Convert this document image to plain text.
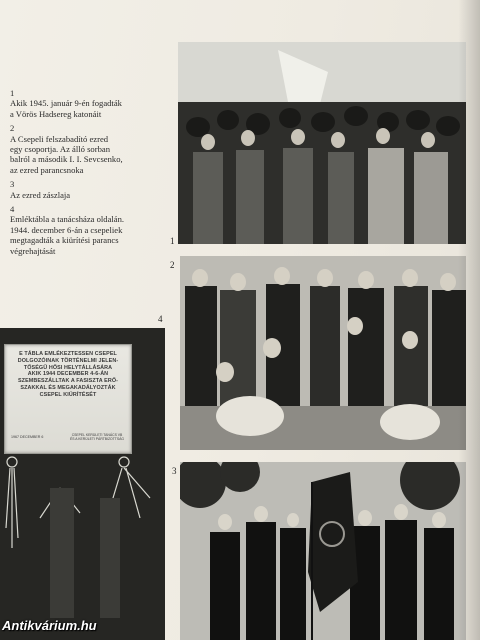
1
Akik 1945. január 9-én fogadták
a Vörös Hadsereg katonáit
2
A Csepeli felszabadító ezred
egy csoportja. Az álló sorban
balról a második I. I. Sevcsenko,
az ezred parancsnoka
3
Az ezred zászlaja
4
Emléktábla a tanácsháza oldalán.
1944. december 6-án a csepeliek
megtagadták a kiürítési parancs
végrehajtását
1
2
3
4
E TÁBLA EMLÉKEZTESSEN CSEPEL
DOLGOZÓINAK TÖRTÉNELMI JELEN-
TŐSÉGŰ HŐSI HELYTÁLLÁSÁRA
AKIK 1944 DECEMBER 4-6-ÁN
SZEMBESZÁLLTAK A FASISZTA ERŐ-
SZAKKAL ÉS MEGAKADÁLYOZTÁK
CSEPEL KIÜRÍTÉSÉT
1967 DECEMBER 6	CSEPEL KERÜLETI TANÁCS VB ÉS A KERÜLETI PÁRTBIZOTTSÁG
Antikvárium.hu
